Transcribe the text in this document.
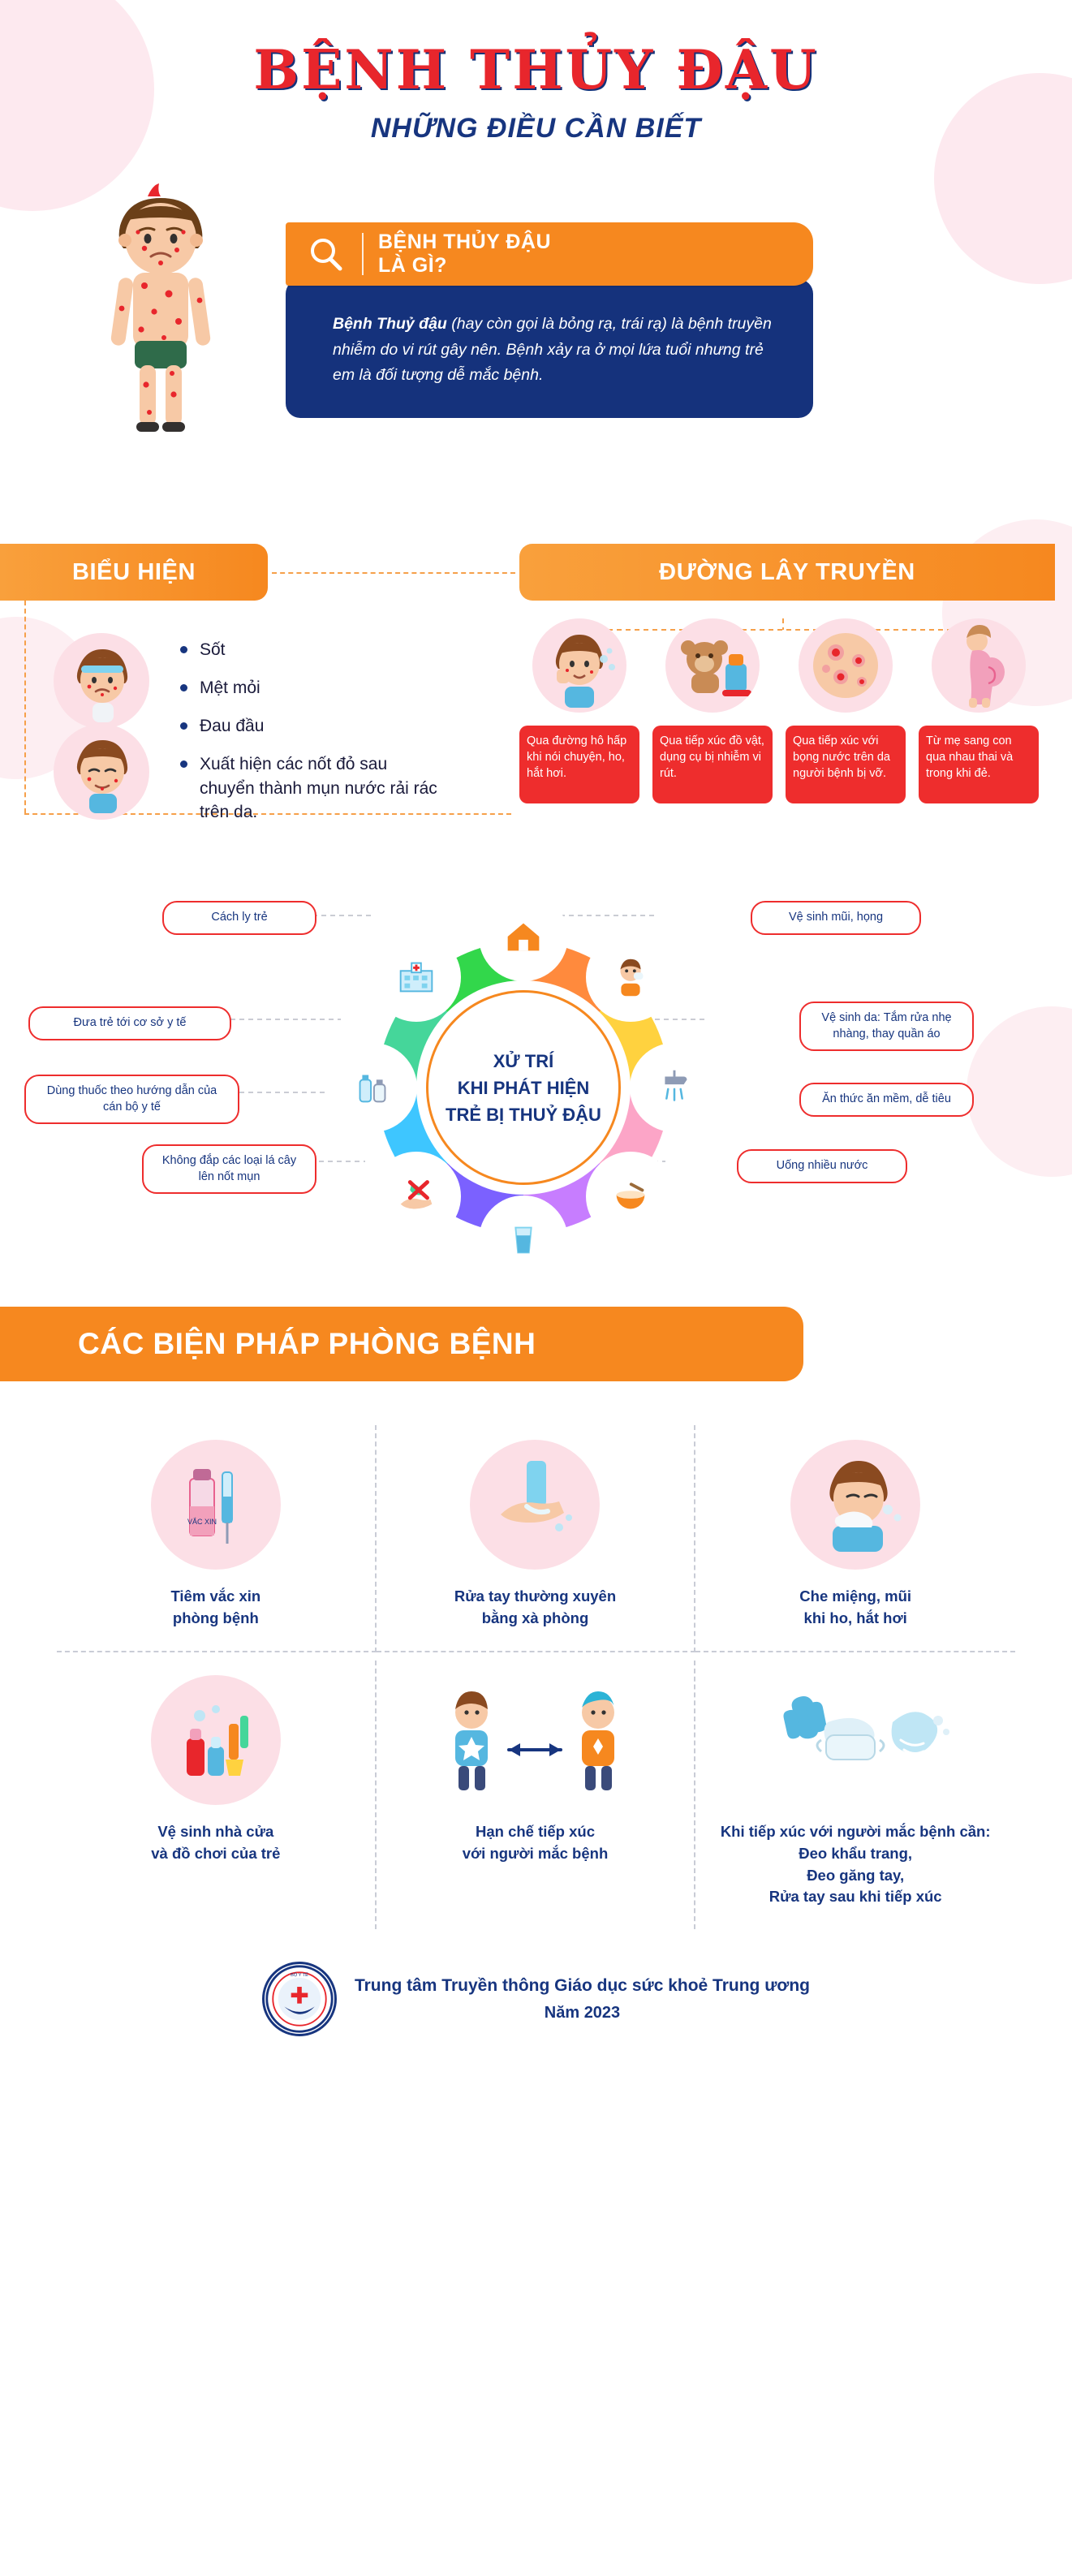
BỆNH THỦY ĐẬU
NHỮNG ĐIỀU CẦN BIẾT
BỆNH THỦY ĐẬU
LÀ GÌ?
Bệnh Thuỷ đậu (hay còn gọi là bỏng rạ, trái rạ) là bệnh truyền nhiễm do vi rút gây nên. Bệnh xảy ra ở mọi lứa tuổi nhưng trẻ em là đối tượng dễ mắc bệnh.
BIỂU HIỆN	ĐƯỜNG LÂY TRUYỀN
Sốt
Mệt mỏi
Đau đầu
Xuất hiện các nốt đỏ sau chuyển thành mụn nước rải rác trên da.
Qua đường hô hấp khi nói chuyện, ho, hắt hơi.
Qua tiếp xúc đồ vật, dụng cụ bị nhiễm vi rút.
Qua tiếp xúc với bọng nước trên da người bệnh bị vỡ.
Từ mẹ sang con qua nhau thai và trong khi đẻ.
XỬ TRÍ
KHI PHÁT HIỆN
TRẺ BỊ THUỶ ĐẬU
Cách ly trẻ	Vệ sinh mũi, họng
Vệ sinh da: Tắm rửa nhẹ nhàng, thay quần áo
Ăn thức ăn mềm, dễ tiêu
Uống nhiều nước
Không đắp các loại lá cây lên nốt mụn
Dùng thuốc theo hướng dẫn của cán bộ y tế
Đưa trẻ tới cơ sở y tế
CÁC BIỆN PHÁP PHÒNG BỆNH
VẮC XIN
Tiêm vắc xin
phòng bệnh
Rửa tay thường xuyên
bằng xà phòng
Che miệng, mũi
khi ho, hắt hơi
Vệ sinh nhà cửa
và đồ chơi của trẻ
Hạn chế tiếp xúc
với người mắc bệnh
Khi tiếp xúc với người mắc bệnh cần:
Đeo khẩu trang,
Đeo găng tay,
Rửa tay sau khi tiếp xúc
BỘ Y TẾ
Trung tâm Truyền thông Giáo dục sức khoẻ Trung ương
Năm 2023
